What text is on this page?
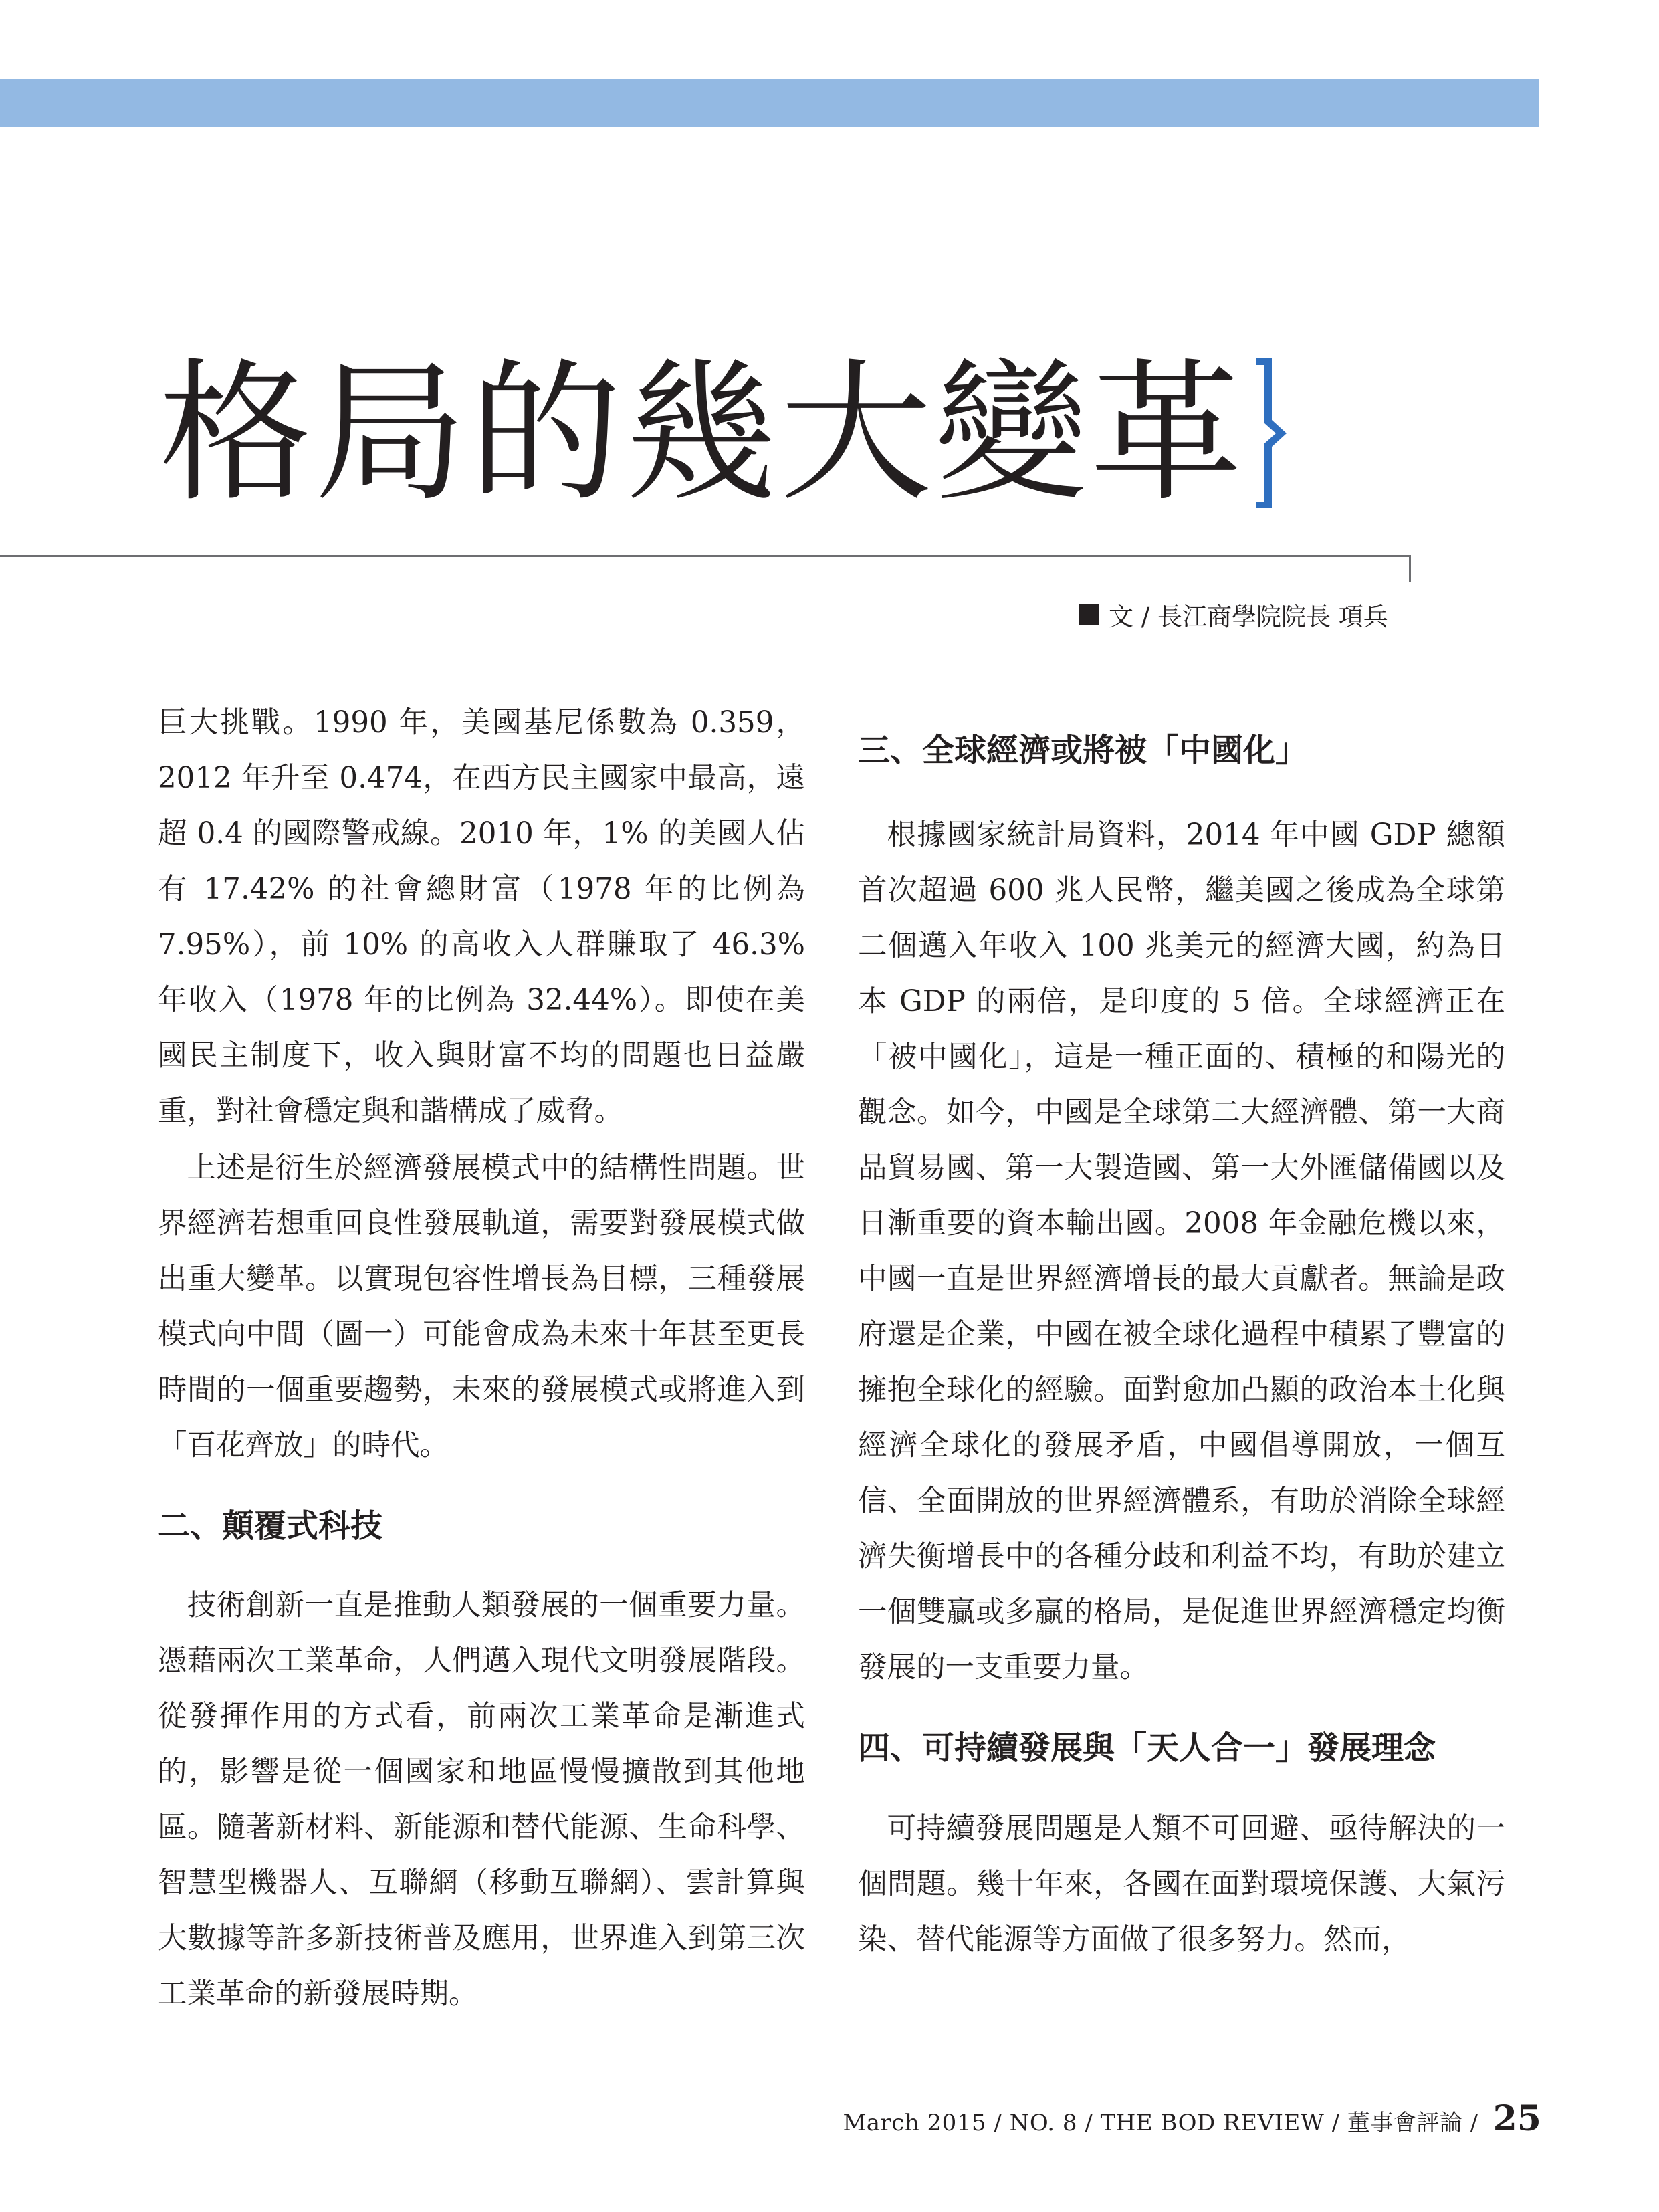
格局的幾大變革
文 / 長江商學院院長 項兵

巨大挑戰。1990 年，美國基尼係數為 0.359，2012 年升至 0.474，在西方民主國家中最高，遠超 0.4 的國際警戒線。2010 年，1% 的美國人佔有 17.42% 的社會總財富（1978 年的比例為 7.95%），前 10% 的高收入人群賺取了 46.3% 年收入（1978 年的比例為 32.44%）。即使在美國民主制度下，收入與財富不均的問題也日益嚴重，對社會穩定與和諧構成了威脅。

上述是衍生於經濟發展模式中的結構性問題。世界經濟若想重回良性發展軌道，需要對發展模式做出重大變革。以實現包容性增長為目標，三種發展模式向中間（圖一）可能會成為未來十年甚至更長時間的一個重要趨勢，未來的發展模式或將進入到「百花齊放」的時代。

二、顛覆式科技

技術創新一直是推動人類發展的一個重要力量。憑藉兩次工業革命，人們邁入現代文明發展階段。從發揮作用的方式看，前兩次工業革命是漸進式的，影響是從一個國家和地區慢慢擴散到其他地區。隨著新材料、新能源和替代能源、生命科學、智慧型機器人、互聯網（移動互聯網）、雲計算與大數據等許多新技術普及應用，世界進入到第三次工業革命的新發展時期。

三、全球經濟或將被「中國化」

根據國家統計局資料，2014 年中國 GDP 總額首次超過 600 兆人民幣，繼美國之後成為全球第二個邁入年收入 100 兆美元的經濟大國，約為日本 GDP 的兩倍，是印度的 5 倍。全球經濟正在「被中國化」，這是一種正面的、積極的和陽光的觀念。如今，中國是全球第二大經濟體、第一大商品貿易國、第一大製造國、第一大外匯儲備國以及日漸重要的資本輸出國。2008 年金融危機以來，中國一直是世界經濟增長的最大貢獻者。無論是政府還是企業，中國在被全球化過程中積累了豐富的擁抱全球化的經驗。面對愈加凸顯的政治本土化與經濟全球化的發展矛盾，中國倡導開放，一個互信、全面開放的世界經濟體系，有助於消除全球經濟失衡增長中的各種分歧和利益不均，有助於建立一個雙贏或多贏的格局，是促進世界經濟穩定均衡發展的一支重要力量。

四、可持續發展與「天人合一」發展理念

可持續發展問題是人類不可回避、亟待解決的一個問題。幾十年來，各國在面對環境保護、大氣污染、替代能源等方面做了很多努力。然而，

March 2015 / NO. 8 / THE BOD REVIEW / 董事會評論 / 25
